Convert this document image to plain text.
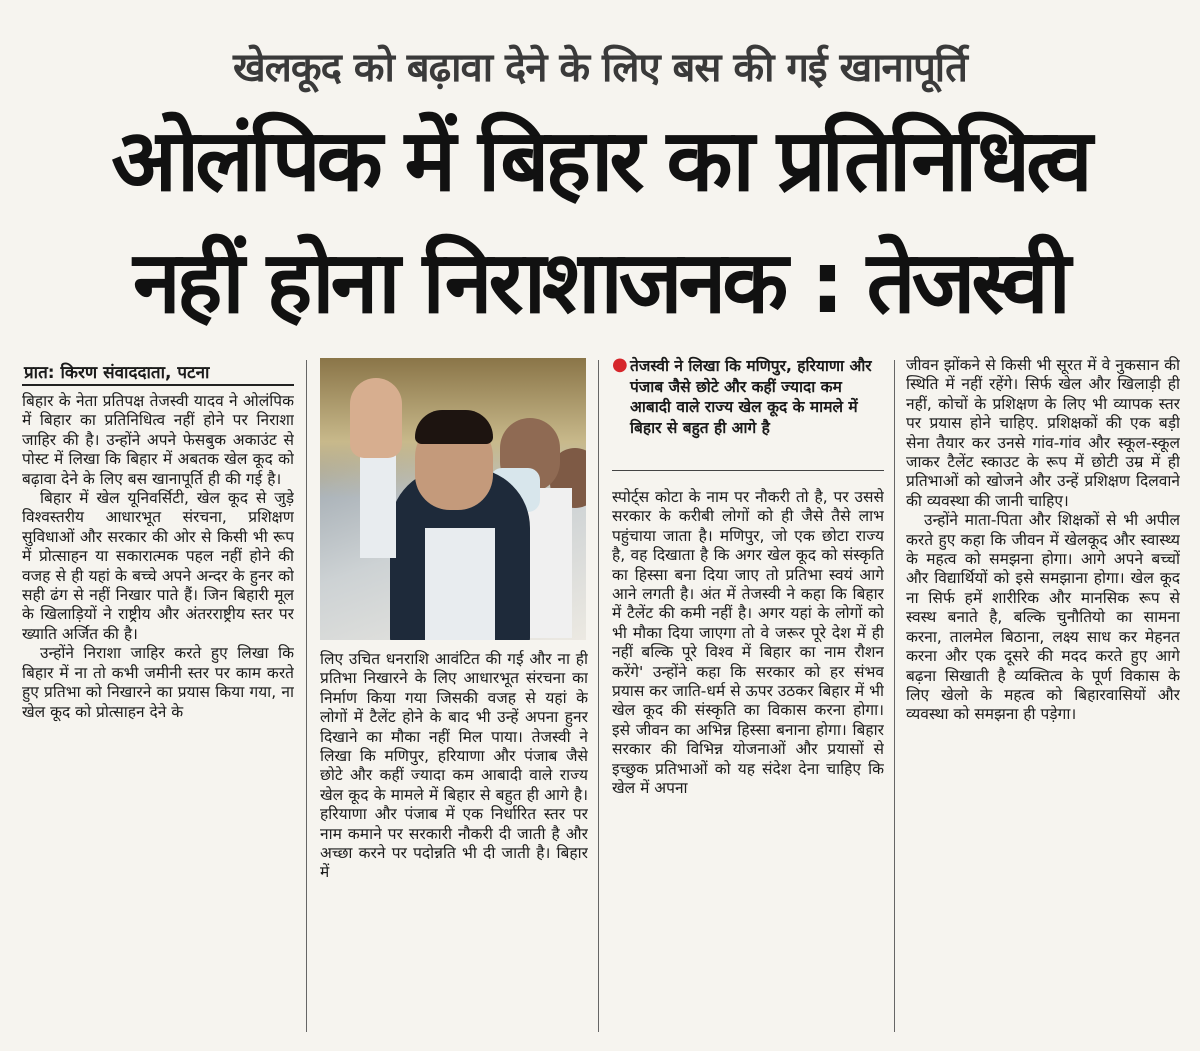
खेलकूद को बढ़ावा देने के लिए बस की गई खानापूर्ति
ओलंपिक में बिहार का प्रतिनिधित्व
नहीं होना निराशाजनक : तेजस्वी
प्रात: किरण संवाददाता, पटना

बिहार के नेता प्रतिपक्ष तेजस्वी यादव ने ओलंपिक में बिहार का प्रतिनिधित्व नहीं होने पर निराशा जाहिर की है। उन्होंने अपने फेसबुक अकाउंट से पोस्ट में लिखा कि बिहार में अबतक खेल कूद को बढ़ावा देने के लिए बस खानापूर्ति ही की गई है।

बिहार में खेल यूनिवर्सिटी, खेल कूद से जुड़े विश्वस्तरीय आधारभूत संरचना, प्रशिक्षण सुविधाओं और सरकार की ओर से किसी भी रूप में प्रोत्साहन या सकारात्मक पहल नहीं होने की वजह से ही यहां के बच्चे अपने अन्दर के हुनर को सही ढंग से नहीं निखार पाते हैं। जिन बिहारी मूल के खिलाड़ियों ने राष्ट्रीय और अंतरराष्ट्रीय स्तर पर ख्याति अर्जित की है।

उन्होंने निराशा जाहिर करते हुए लिखा कि बिहार में ना तो कभी जमीनी स्तर पर काम करते हुए प्रतिभा को निखारने का प्रयास किया गया, ना खेल कूद को प्रोत्साहन देने के

लिए उचित धनराशि आवंटित की गई और ना ही प्रतिभा निखारने के लिए आधारभूत संरचना का निर्माण किया गया जिसकी वजह से यहां के लोगों में टैलेंट होने के बाद भी उन्हें अपना हुनर दिखाने का मौका नहीं मिल पाया। तेजस्वी ने लिखा कि मणिपुर, हरियाणा और पंजाब जैसे छोटे और कहीं ज्यादा कम आबादी वाले राज्य खेल कूद के मामले में बिहार से बहुत ही आगे है। हरियाणा और पंजाब में एक निर्धारित स्तर पर नाम कमाने पर सरकारी नौकरी दी जाती है और अच्छा करने पर पदोन्नति भी दी जाती है। बिहार में

● तेजस्वी ने लिखा कि मणिपुर, हरियाणा और पंजाब जैसे छोटे और कहीं ज्यादा कम आबादी वाले राज्य खेल कूद के मामले में बिहार से बहुत ही आगे है

स्पोर्ट्स कोटा के नाम पर नौकरी तो है, पर उससे सरकार के करीबी लोगों को ही जैसे तैसे लाभ पहुंचाया जाता है। मणिपुर, जो एक छोटा राज्य है, वह दिखाता है कि अगर खेल कूद को संस्कृति का हिस्सा बना दिया जाए तो प्रतिभा स्वयं आगे आने लगती है। अंत में तेजस्वी ने कहा कि बिहार में टैलेंट की कमी नहीं है। अगर यहां के लोगों को भी मौका दिया जाएगा तो वे जरूर पूरे देश में ही नहीं बल्कि पूरे विश्व में बिहार का नाम रौशन करेंगे' उन्होंने कहा कि सरकार को हर संभव प्रयास कर जाति-धर्म से ऊपर उठकर बिहार में भी खेल कूद की संस्कृति का विकास करना होगा। इसे जीवन का अभिन्न हिस्सा बनाना होगा। बिहार सरकार की विभिन्न योजनाओं और प्रयासों से इच्छुक प्रतिभाओं को यह संदेश देना चाहिए कि खेल में अपना

जीवन झोंकने से किसी भी सूरत में वे नुकसान की स्थिति में नहीं रहेंगे। सिर्फ खेल और खिलाड़ी ही नहीं, कोचों के प्रशिक्षण के लिए भी व्यापक स्तर पर प्रयास होने चाहिए. प्रशिक्षकों की एक बड़ी सेना तैयार कर उनसे गांव-गांव और स्कूल-स्कूल जाकर टैलेंट स्काउट के रूप में छोटी उम्र में ही प्रतिभाओं को खोजने और उन्हें प्रशिक्षण दिलवाने की व्यवस्था की जानी चाहिए।

उन्होंने माता-पिता और शिक्षकों से भी अपील करते हुए कहा कि जीवन में खेलकूद और स्वास्थ्य के महत्व को समझना होगा। आगे अपने बच्चों और विद्यार्थियों को इसे समझाना होगा। खेल कूद ना सिर्फ हमें शारीरिक और मानसिक रूप से स्वस्थ बनाते है, बल्कि चुनौतियो का सामना करना, तालमेल बिठाना, लक्ष्य साध कर मेहनत करना और एक दूसरे की मदद करते हुए आगे बढ़ना सिखाती है व्यक्तित्व के पूर्ण विकास के लिए खेलो के महत्व को बिहारवासियों और व्यवस्था को समझना ही पड़ेगा।
